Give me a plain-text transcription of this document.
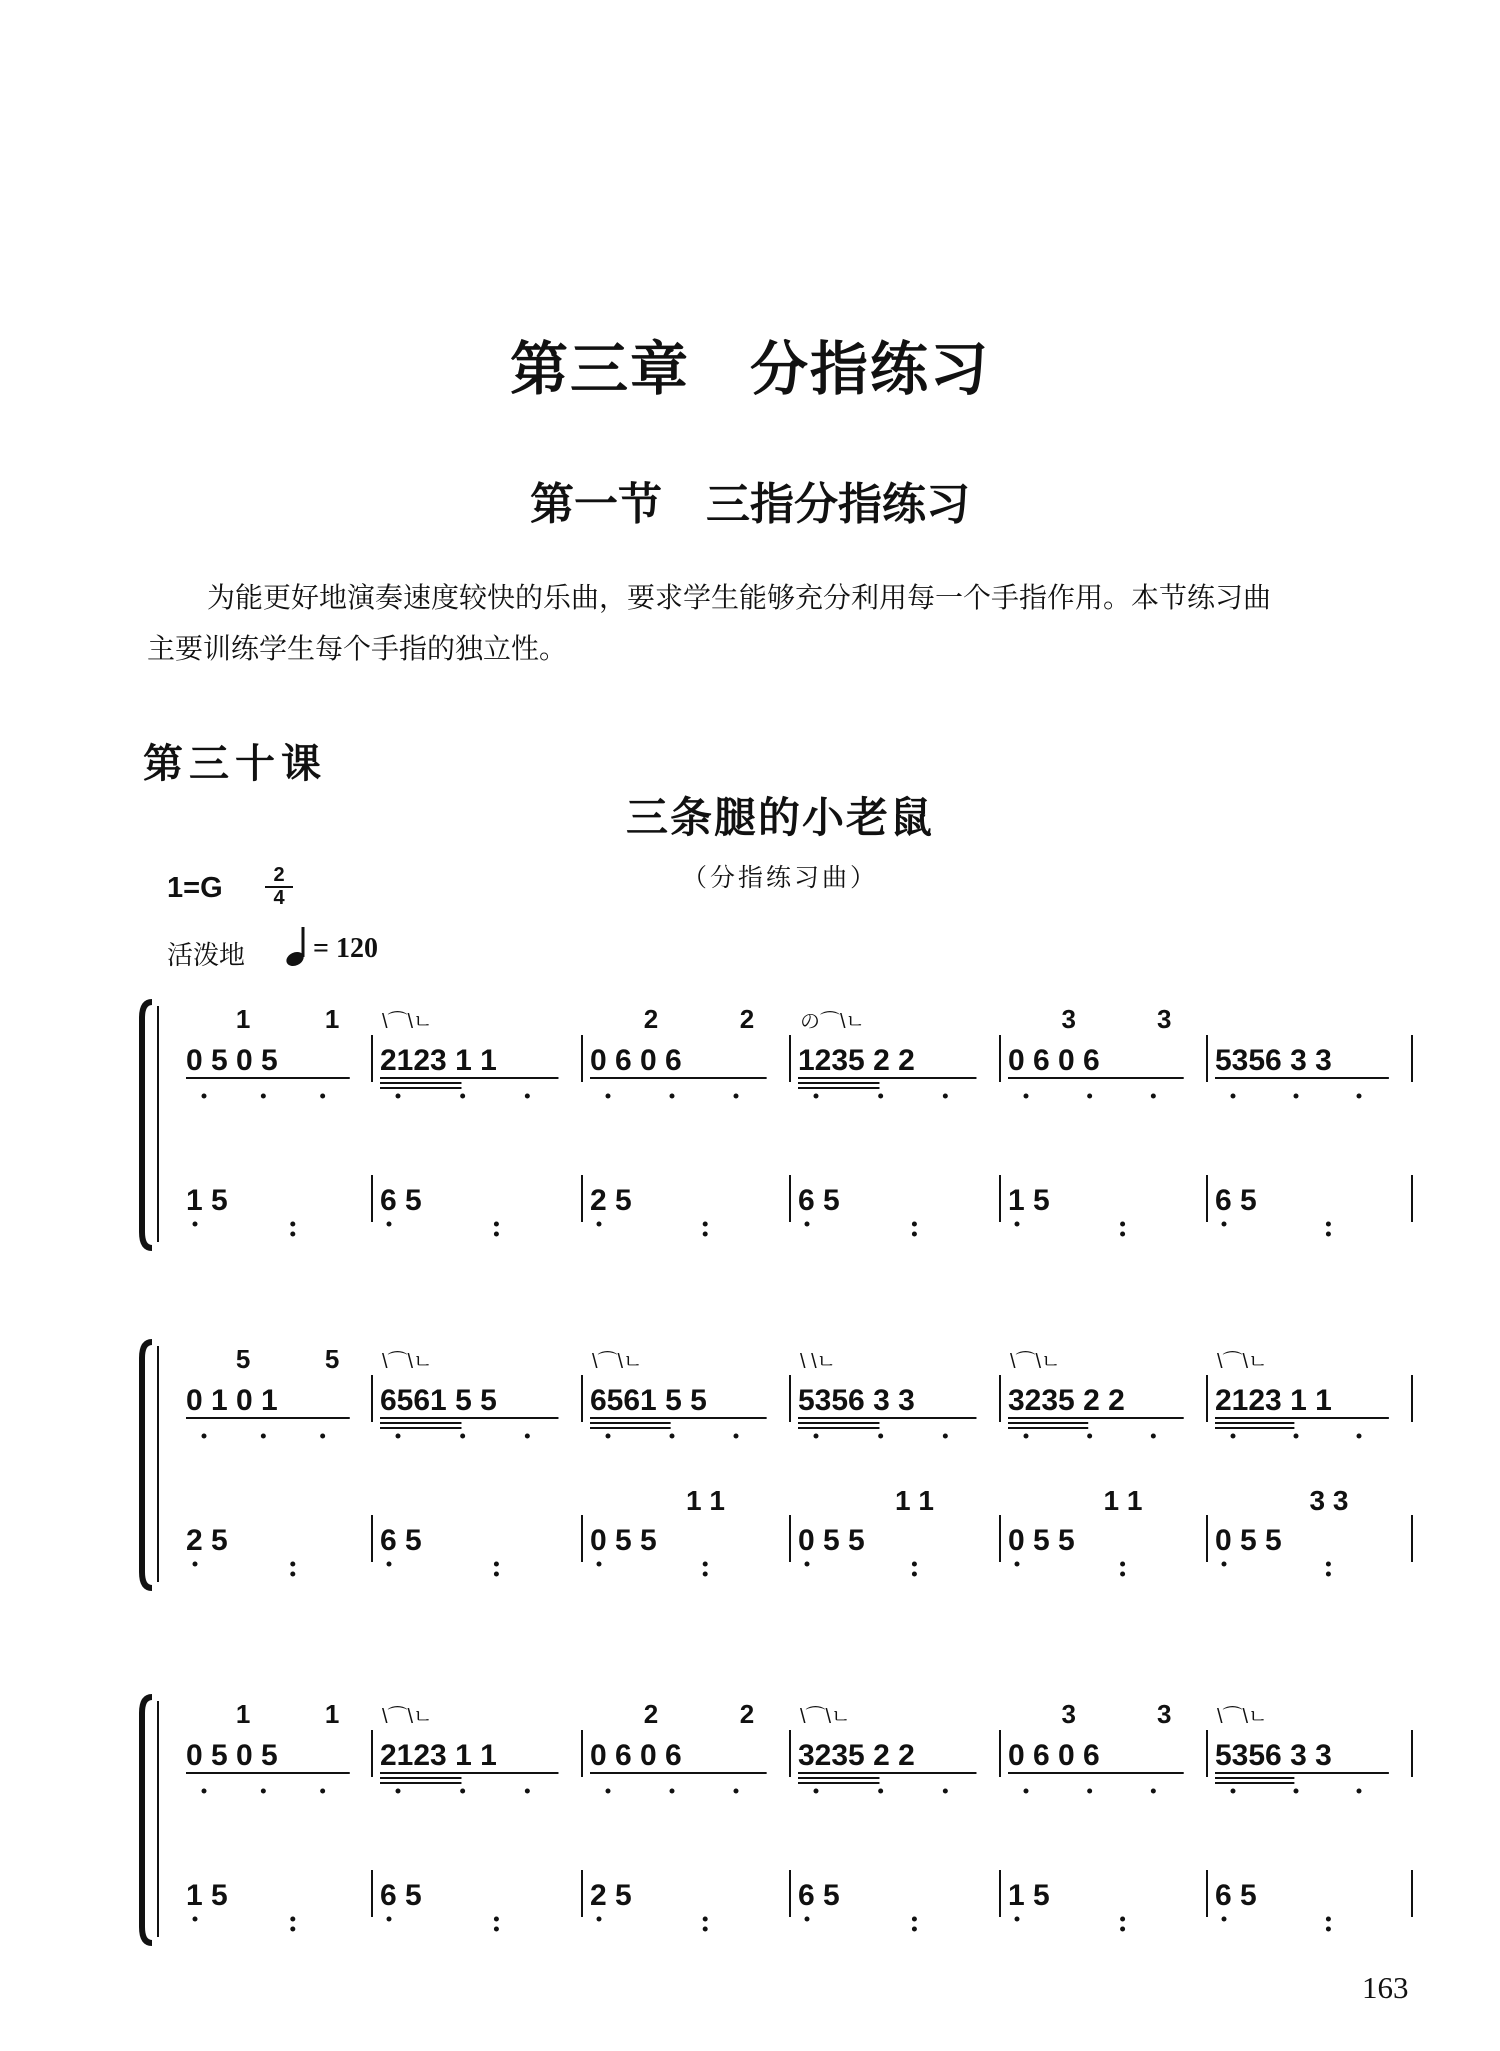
第三章　分指练习
第一节　三指分指练习

为能更好地演奏速度较快的乐曲，要求学生能够充分利用每一个手指作用。本节练习曲

主要训练学生每个手指的独立性。

第三十课
三条腿的小老鼠
（分指练习曲）
1=G	2
4
活泼地 = 120
0 5 0 5
1	1
2123 1 1
\⌒\ㄴ
0 6 0 6
2	2
1235 2 2
の⌒\ㄴ
0 6 0 6
3	3
5356 3 3
1 5	6 5	2 5	6 5	1 5	6 5
0 1 0 1
5	5
6561 5 5
\⌒\ㄴ
6561 5 5
\⌒\ㄴ
5356 3 3
\ \ㄴ
3235 2 2
\⌒\ㄴ
2123 1 1
\⌒\ㄴ
2 5	6 5	0 5 5
1 1
0 5 5
1 1
0 5 5
1 1
0 5 5
3 3
0 5 0 5
1	1
2123 1 1
\⌒\ㄴ
0 6 0 6
2	2
3235 2 2
\⌒\ㄴ
0 6 0 6
3	3
5356 3 3
\⌒\ㄴ
1 5	6 5	2 5	6 5	1 5	6 5
163
